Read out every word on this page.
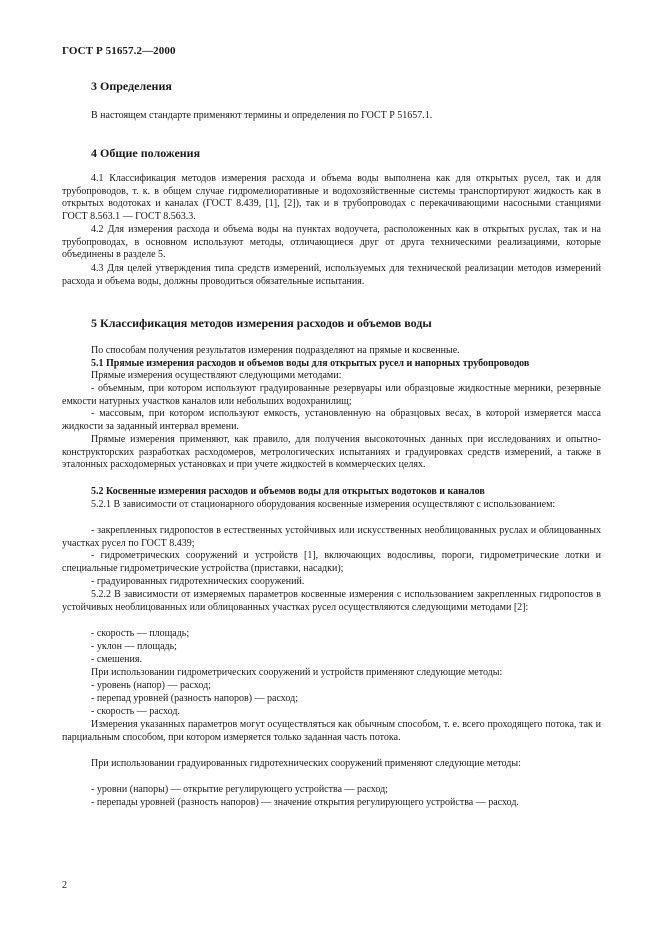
ГОСТ Р 51657.2—2000
3 Определения
В настоящем стандарте применяют термины и определения по ГОСТ Р 51657.1.
4 Общие положения
4.1 Классификация методов измерения расхода и объема воды выполнена как для открытых русел, так и для трубопроводов, т. к. в общем случае гидромелиоративные и водохозяйственные системы транспортируют жидкость как в открытых водотоках и каналах (ГОСТ 8.439, [1], [2]), так и в трубопроводах с перекачивающими насосными станциями ГОСТ 8.563.1 — ГОСТ 8.563.3.
4.2 Для измерения расхода и объема воды на пунктах водоучета, расположенных как в открытых руслах, так и на трубопроводах, в основном используют методы, отличающиеся друг от друга техническими реализациями, которые объединены в разделе 5.
4.3 Для целей утверждения типа средств измерений, используемых для технической реализации методов измерений расхода и объема воды, должны проводиться обязательные испытания.
5 Классификация методов измерения расходов и объемов воды
По способам получения результатов измерения подразделяют на прямые и косвенные.
5.1 Прямые измерения расходов и объемов воды для открытых русел и напорных трубопроводов
Прямые измерения осуществляют следующими методами:
- объемным, при котором используют градуированные резервуары или образцовые жидкостные мерники, резервные емкости натурных участков каналов или небольших водохранилищ;
- массовым, при котором используют емкость, установленную на образцовых весах, в которой измеряется масса жидкости за заданный интервал времени.
Прямые измерения применяют, как правило, для получения высокоточных данных при исследованиях и опытно-конструкторских разработках расходомеров, метрологических испытаниях и градуировках средств измерений, а также в эталонных расходомерных установках и при учете жидкостей в коммерческих целях.
5.2 Косвенные измерения расходов и объемов воды для открытых водотоков и каналов
5.2.1 В зависимости от стационарного оборудования косвенные измерения осуществляют с использованием:
- закрепленных гидропостов в естественных устойчивых или искусственных необлицованных руслах и облицованных участках русел по ГОСТ 8.439;
- гидрометрических сооружений и устройств [1], включающих водосливы, пороги, гидрометрические лотки и специальные гидрометрические устройства (приставки, насадки);
- градуированных гидротехнических сооружений.
5.2.2 В зависимости от измеряемых параметров косвенные измерения с использованием закрепленных гидропостов в устойчивых необлицованных или облицованных участках русел осуществляются следующими методами [2]:
- скорость — площадь;
- уклон — площадь;
- смешения.
При использовании гидрометрических сооружений и устройств применяют следующие методы:
- уровень (напор) — расход;
- перепад уровней (разность напоров) — расход;
- скорость — расход.
Измерения указанных параметров могут осуществляться как обычным способом, т. е. всего проходящего потока, так и парциальным способом, при котором измеряется только заданная часть потока.
При использовании градуированных гидротехнических сооружений применяют следующие методы:
- уровни (напоры) — открытие регулирующего устройства — расход;
- перепады уровней (разность напоров) — значение открытия регулирующего устройства — расход.
2
